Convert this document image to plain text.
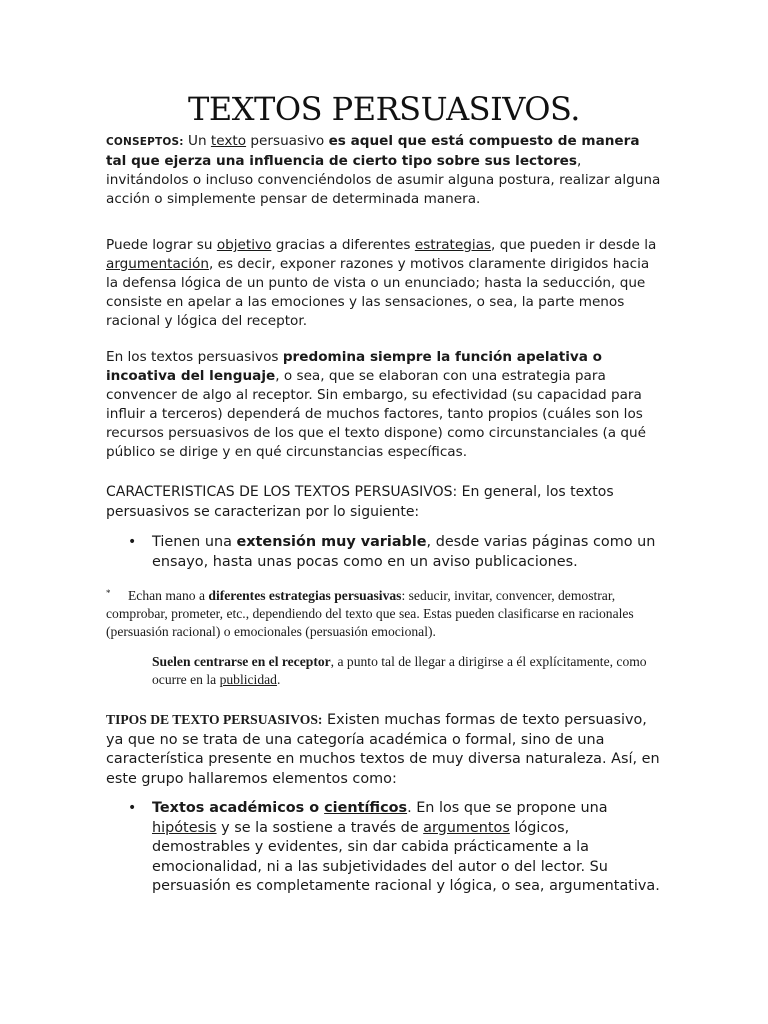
TEXTOS PERSUASIVOS.

CONSEPTOS: Un texto persuasivo es aquel que está compuesto de manera tal que ejerza una influencia de cierto tipo sobre sus lectores, invitándolos o incluso convenciéndolos de asumir alguna postura, realizar alguna acción o simplemente pensar de determinada manera.

Puede lograr su objetivo gracias a diferentes estrategias, que pueden ir desde la argumentación, es decir, exponer razones y motivos claramente dirigidos hacia la defensa lógica de un punto de vista o un enunciado; hasta la seducción, que consiste en apelar a las emociones y las sensaciones, o sea, la parte menos racional y lógica del receptor.

En los textos persuasivos predomina siempre la función apelativa o incoativa del lenguaje, o sea, que se elaboran con una estrategia para convencer de algo al receptor. Sin embargo, su efectividad (su capacidad para influir a terceros) dependerá de muchos factores, tanto propios (cuáles son los recursos persuasivos de los que el texto dispone) como circunstanciales (a qué público se dirige y en qué circunstancias específicas.

CARACTERISTICAS DE LOS TEXTOS PERSUASIVOS: En general, los textos persuasivos se caracterizan por lo siguiente:

• Tienen una extensión muy variable, desde varias páginas como un ensayo, hasta unas pocas como en un aviso publicaciones.

* Echan mano a diferentes estrategias persuasivas: seducir, invitar, convencer, demostrar, comprobar, prometer, etc., dependiendo del texto que sea. Estas pueden clasificarse en racionales (persuasión racional) o emocionales (persuasión emocional).

Suelen centrarse en el receptor, a punto tal de llegar a dirigirse a él explícitamente, como ocurre en la publicidad.

TIPOS DE TEXTO PERSUASIVOS: Existen muchas formas de texto persuasivo, ya que no se trata de una categoría académica o formal, sino de una característica presente en muchos textos de muy diversa naturaleza. Así, en este grupo hallaremos elementos como:

• Textos académicos o científicos. En los que se propone una hipótesis y se la sostiene a través de argumentos lógicos, demostrables y evidentes, sin dar cabida prácticamente a la emocionalidad, ni a las subjetividades del autor o del lector. Su persuasión es completamente racional y lógica, o sea, argumentativa.
